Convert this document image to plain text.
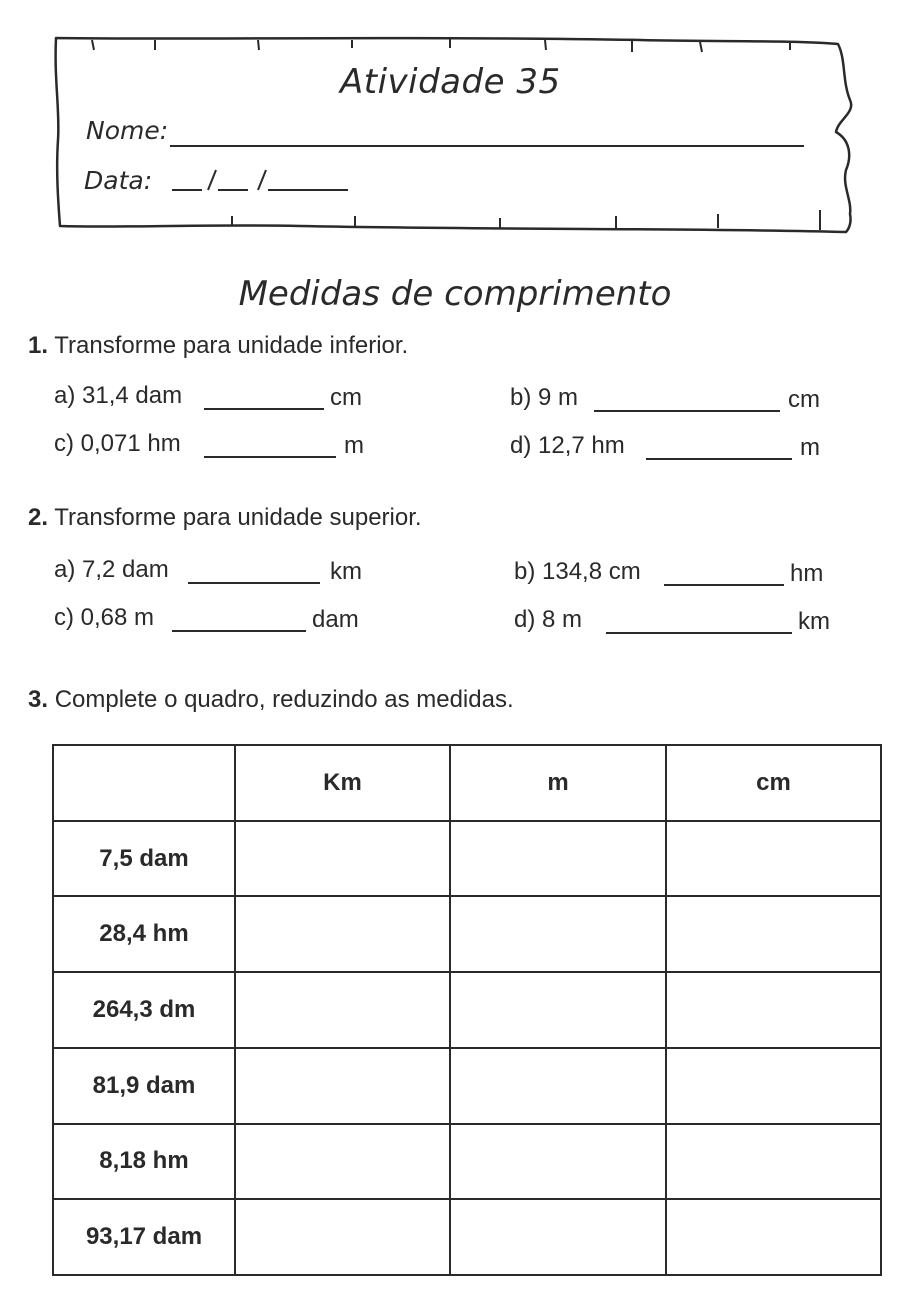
Atividade 35
Nome:
Data:
Medidas de comprimento
1. Transforme para unidade inferior.
a) 31,4 dam	cm	b) 9 m	cm
c) 0,071 hm	m	d) 12,7 hm	m
2. Transforme para unidade superior.
a) 7,2 dam	km	b) 134,8 cm	hm
c) 0,68 m	dam	d) 8 m	km
3. Complete o quadro, reduzindo as medidas.
	Km	m	cm
7,5 dam			
28,4 hm			
264,3 dm			
81,9 dam			
8,18 hm			
93,17 dam			
